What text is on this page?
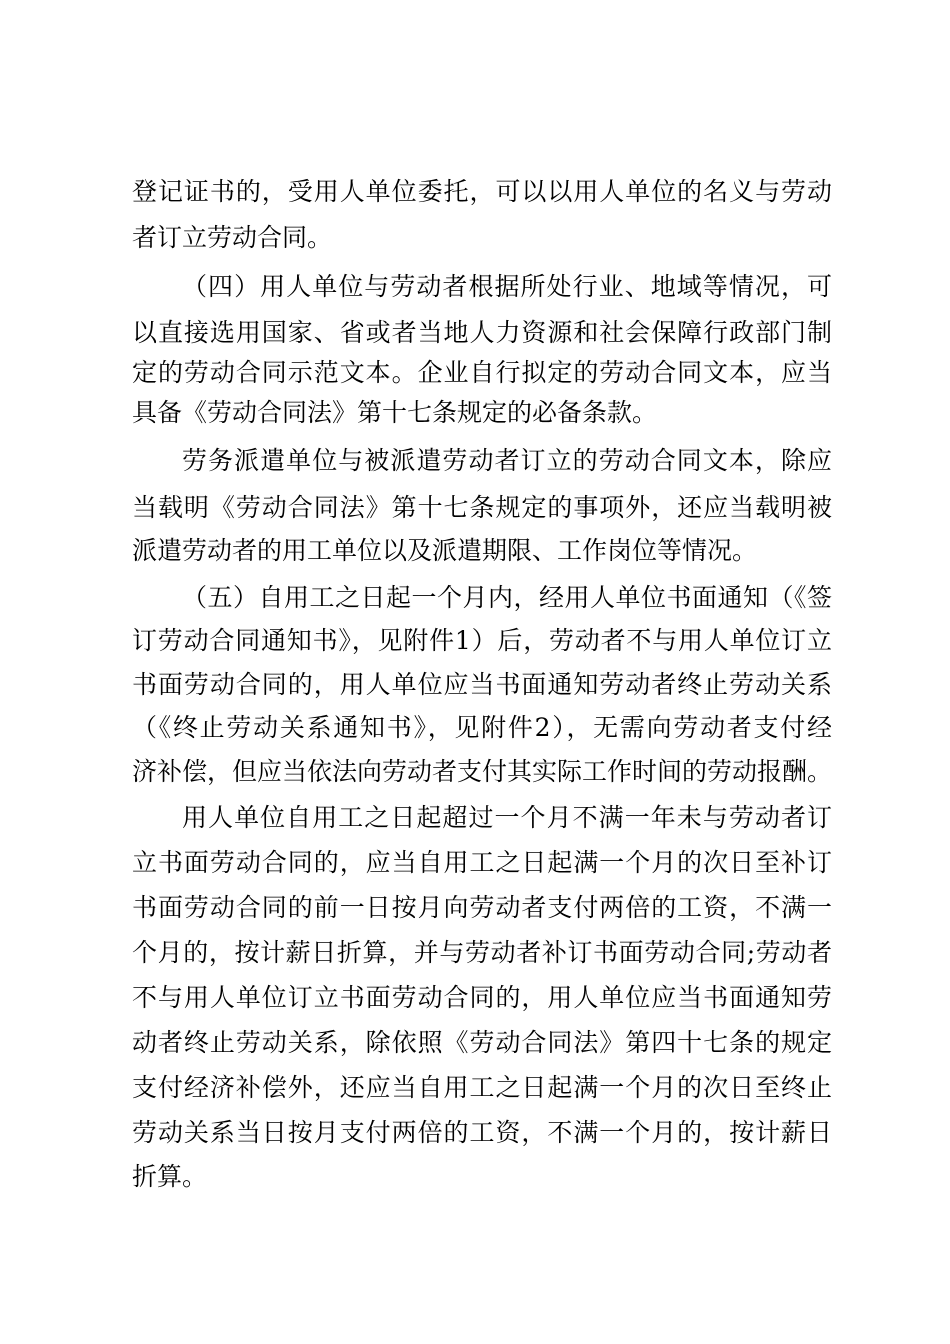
登记证书的，受用人单位委托，可以以用人单位的名义与劳动
者订立劳动合同。
（四）用人单位与劳动者根据所处行业、地域等情况，可
以直接选用国家、省或者当地人力资源和社会保障行政部门制
定的劳动合同示范文本。企业自行拟定的劳动合同文本，应当
具备《劳动合同法》第十七条规定的必备条款。
劳务派遣单位与被派遣劳动者订立的劳动合同文本，除应
当载明《劳动合同法》第十七条规定的事项外，还应当载明被
派遣劳动者的用工单位以及派遣期限、工作岗位等情况。
（五）自用工之日起一个月内，经用人单位书面通知（《签
订劳动合同通知书》，见附件1）后，劳动者不与用人单位订立
书面劳动合同的，用人单位应当书面通知劳动者终止劳动关系
（《终止劳动关系通知书》，见附件2），无需向劳动者支付经
济补偿，但应当依法向劳动者支付其实际工作时间的劳动报酬。
用人单位自用工之日起超过一个月不满一年未与劳动者订
立书面劳动合同的，应当自用工之日起满一个月的次日至补订
书面劳动合同的前一日按月向劳动者支付两倍的工资，不满一
个月的，按计薪日折算，并与劳动者补订书面劳动合同;劳动者
不与用人单位订立书面劳动合同的，用人单位应当书面通知劳
动者终止劳动关系，除依照《劳动合同法》第四十七条的规定
支付经济补偿外，还应当自用工之日起满一个月的次日至终止
劳动关系当日按月支付两倍的工资，不满一个月的，按计薪日
折算。
